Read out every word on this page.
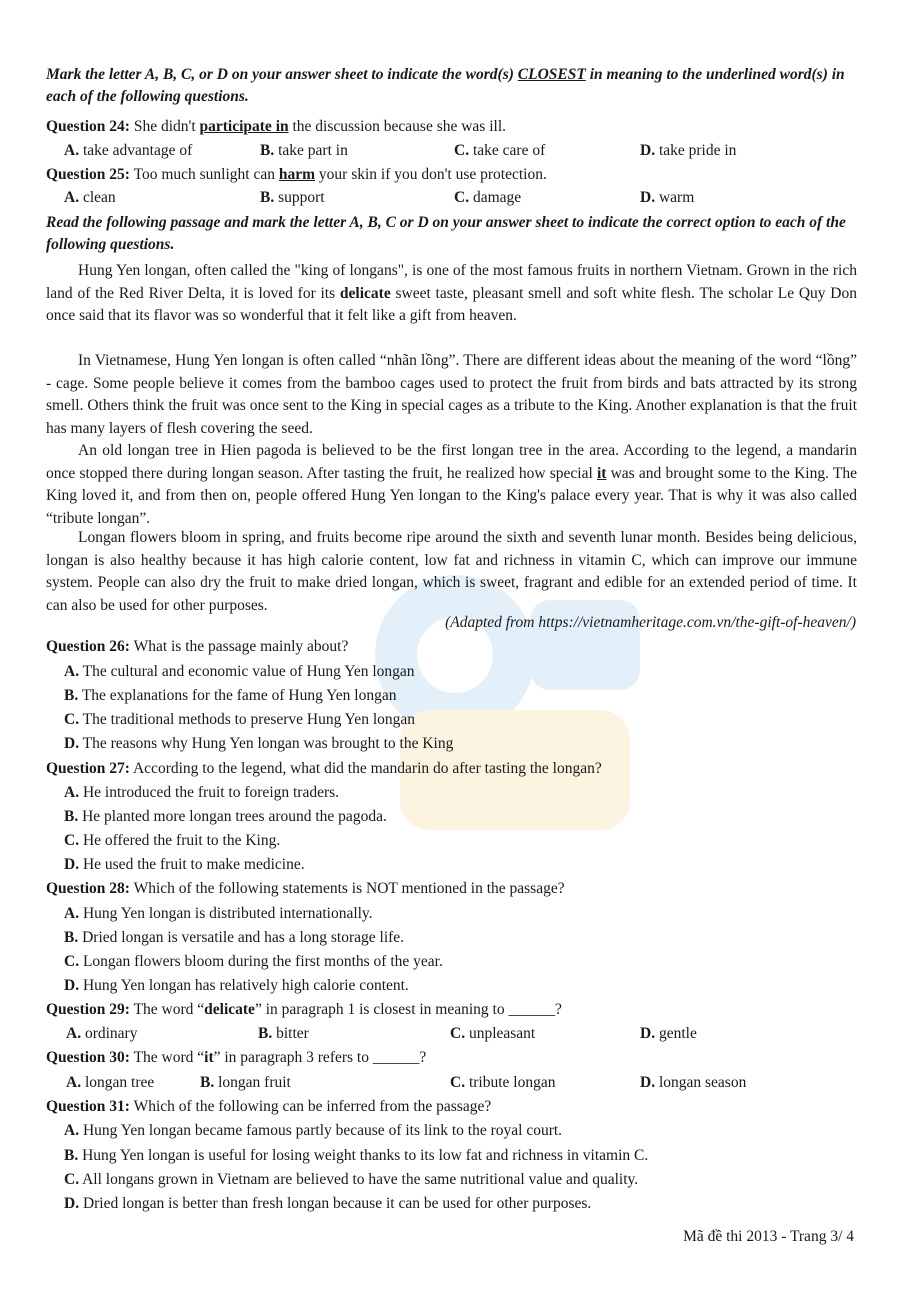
Mark the letter A, B, C, or D on your answer sheet to indicate the word(s) CLOSEST in meaning to the underlined word(s) in each of the following questions.
Question 24: She didn't participate in the discussion because she was ill.
A. take advantage of	B. take part in	C. take care of	D. take pride in
Question 25: Too much sunlight can harm your skin if you don't use protection.
A. clean	B. support	C. damage	D. warm
Read the following passage and mark the letter A, B, C or D on your answer sheet to indicate the correct option to each of the following questions.
Hung Yen longan, often called the "king of longans", is one of the most famous fruits in northern Vietnam. Grown in the rich land of the Red River Delta, it is loved for its delicate sweet taste, pleasant smell and soft white flesh. The scholar Le Quy Don once said that its flavor was so wonderful that it felt like a gift from heaven.
In Vietnamese, Hung Yen longan is often called “nhãn lồng”. There are different ideas about the meaning of the word “lồng” - cage. Some people believe it comes from the bamboo cages used to protect the fruit from birds and bats attracted by its strong smell. Others think the fruit was once sent to the King in special cages as a tribute to the King. Another explanation is that the fruit has many layers of flesh covering the seed.
An old longan tree in Hien pagoda is believed to be the first longan tree in the area. According to the legend, a mandarin once stopped there during longan season. After tasting the fruit, he realized how special it was and brought some to the King. The King loved it, and from then on, people offered Hung Yen longan to the King's palace every year. That is why it was also called “tribute longan”.
Longan flowers bloom in spring, and fruits become ripe around the sixth and seventh lunar month. Besides being delicious, longan is also healthy because it has high calorie content, low fat and richness in vitamin C, which can improve our immune system. People can also dry the fruit to make dried longan, which is sweet, fragrant and edible for an extended period of time. It can also be used for other purposes.
(Adapted from https://vietnamheritage.com.vn/the-gift-of-heaven/)
Question 26: What is the passage mainly about?
A. The cultural and economic value of Hung Yen longan
B. The explanations for the fame of Hung Yen longan
C. The traditional methods to preserve Hung Yen longan
D. The reasons why Hung Yen longan was brought to the King
Question 27: According to the legend, what did the mandarin do after tasting the longan?
A. He introduced the fruit to foreign traders.
B. He planted more longan trees around the pagoda.
C. He offered the fruit to the King.
D. He used the fruit to make medicine.
Question 28: Which of the following statements is NOT mentioned in the passage?
A. Hung Yen longan is distributed internationally.
B. Dried longan is versatile and has a long storage life.
C. Longan flowers bloom during the first months of the year.
D. Hung Yen longan has relatively high calorie content.
Question 29: The word “delicate” in paragraph 1 is closest in meaning to ______?
A. ordinary	B. bitter	C. unpleasant	D. gentle
Question 30: The word “it” in paragraph 3 refers to ______?
A. longan tree	B. longan fruit	C. tribute longan	D. longan season
Question 31: Which of the following can be inferred from the passage?
A. Hung Yen longan became famous partly because of its link to the royal court.
B. Hung Yen longan is useful for losing weight thanks to its low fat and richness in vitamin C.
C. All longans grown in Vietnam are believed to have the same nutritional value and quality.
D. Dried longan is better than fresh longan because it can be used for other purposes.
Mã đề thi 2013 - Trang 3/ 4
